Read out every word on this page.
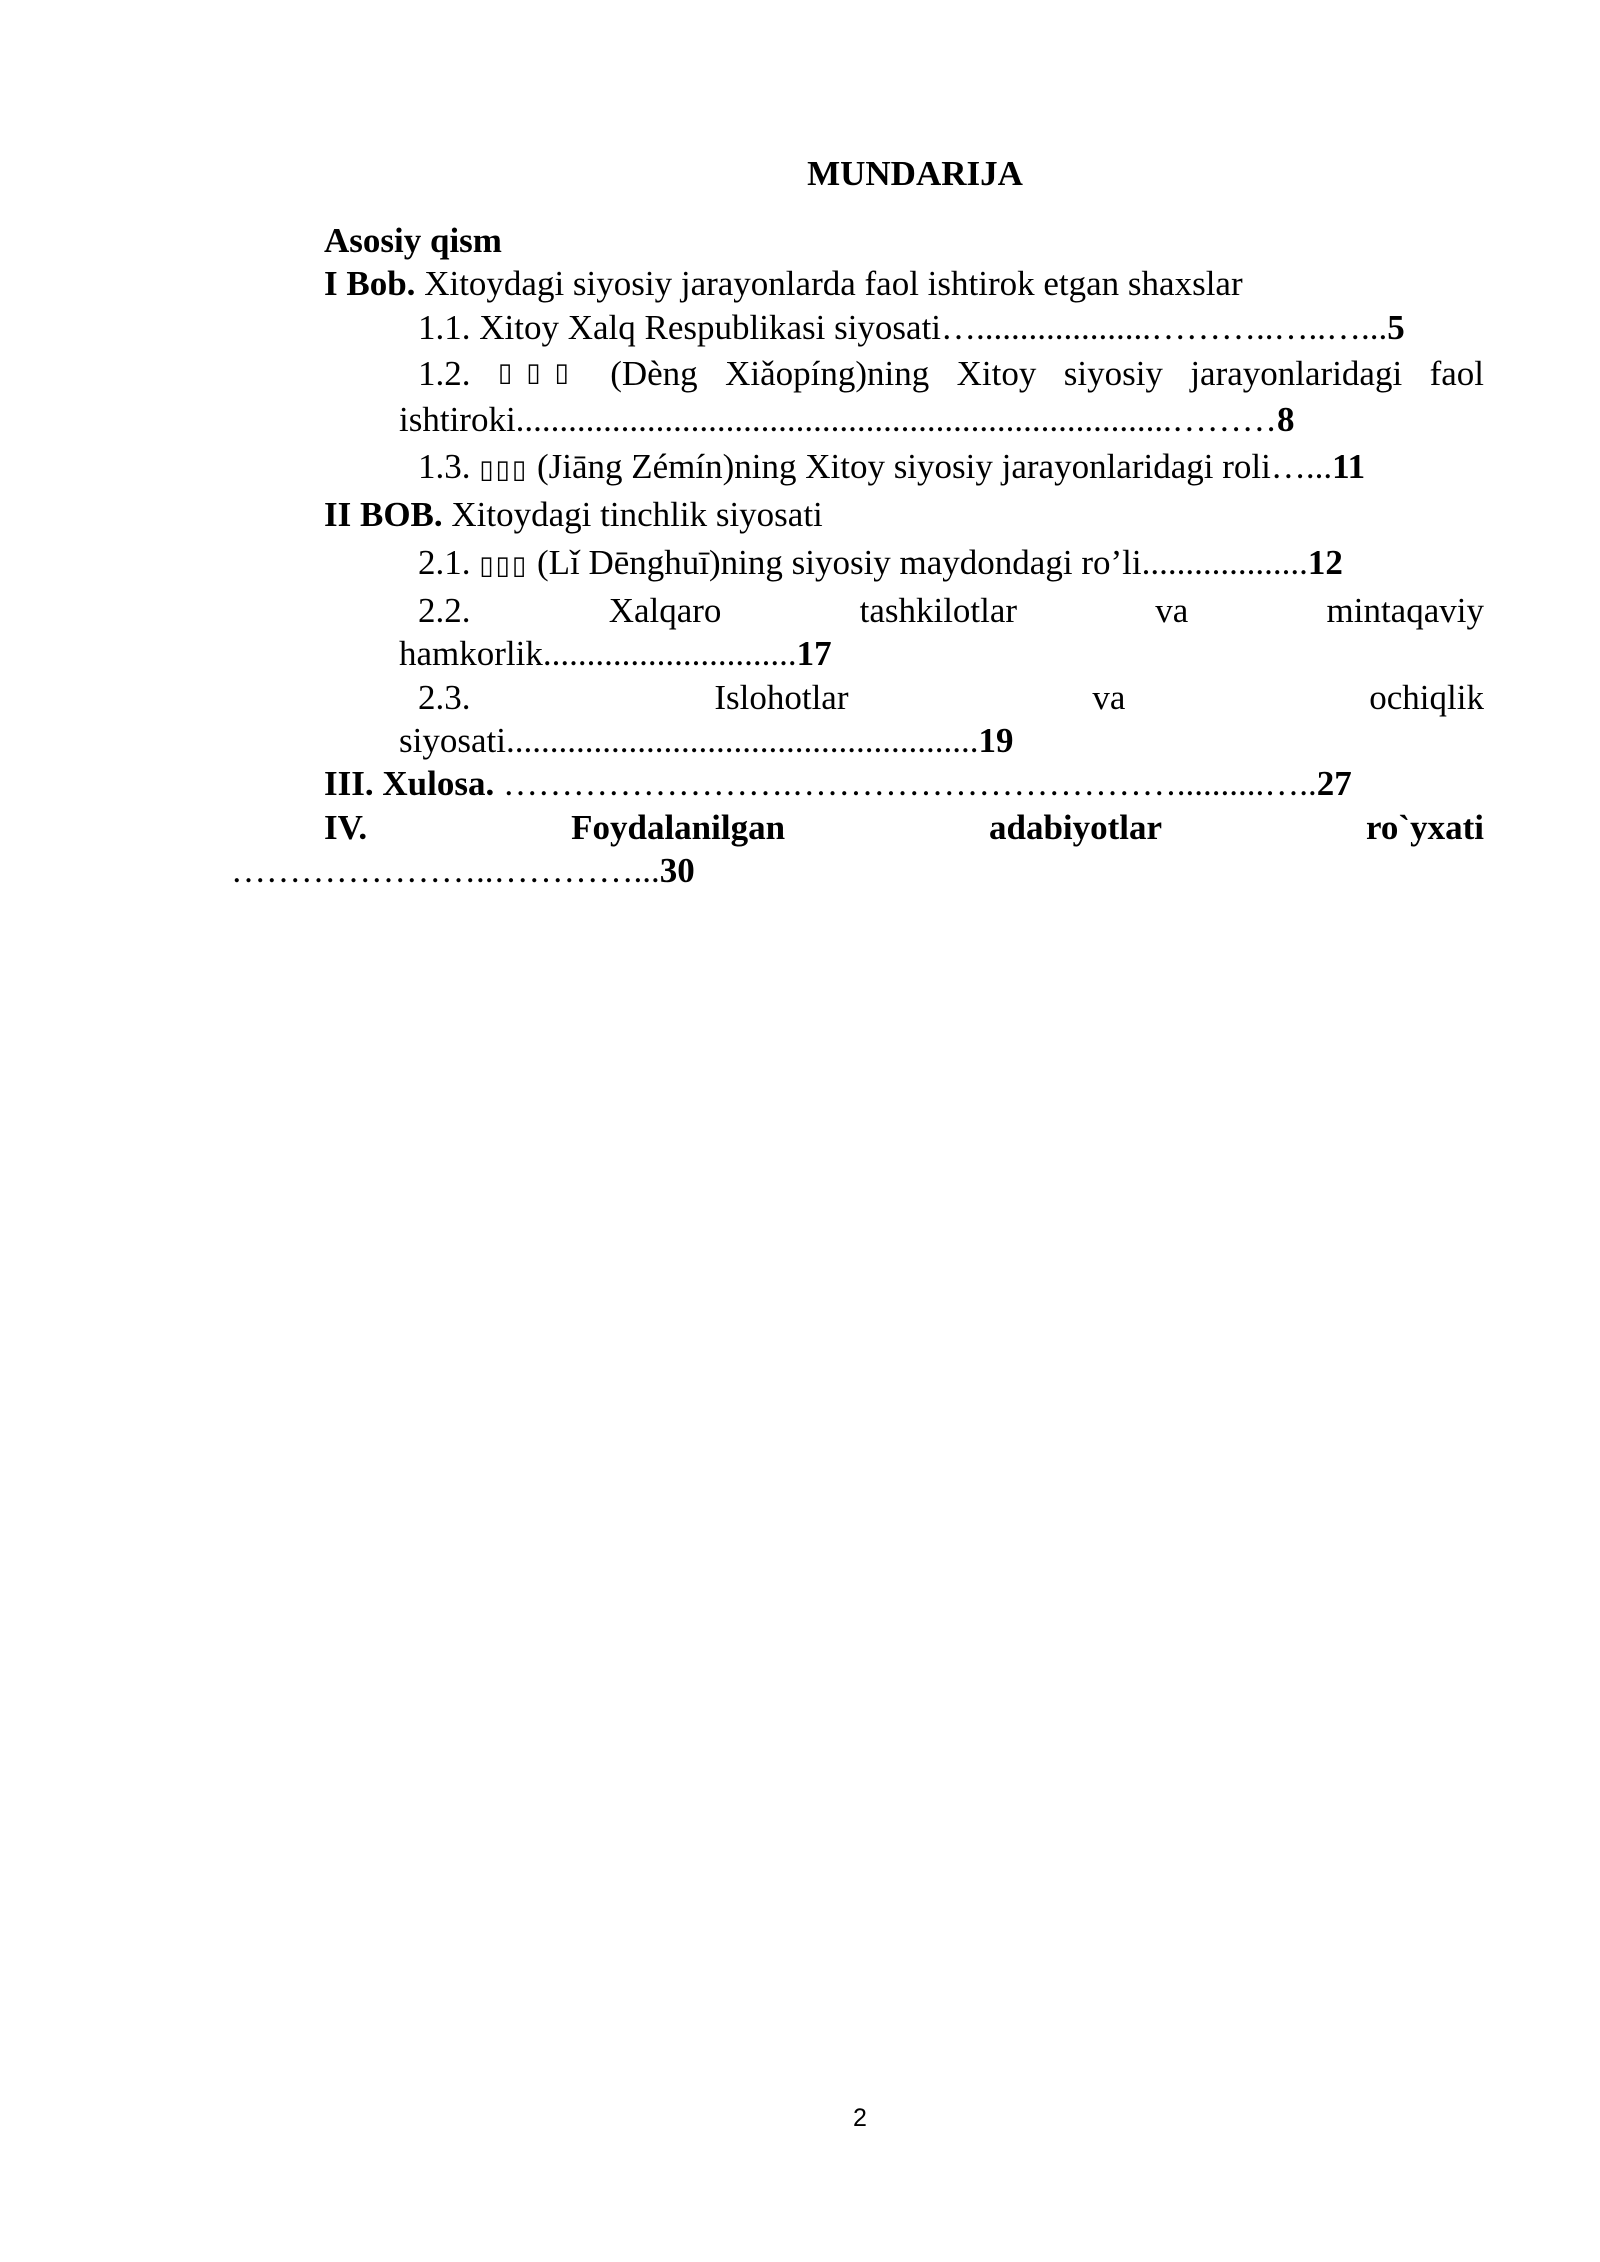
MUNDARIJA
Asosiy qism
I Bob. Xitoydagi siyosiy jarayonlarda faol ishtirok etgan shaxslar
1.1. Xitoy Xalq Respublikasi siyosati…....................………..…..…...5
1.2. ▯▯▯ (Dèng Xiǎopíng)ning Xitoy siyosiy jarayonlaridagi faol
ishtiroki...........................................................................………8
1.3. ▯▯▯ (Jiāng Zémín)ning Xitoy siyosiy jarayonlaridagi roli…...11
II BOB. Xitoydagi tinchlik siyosati
2.1. ▯▯▯ (Lǐ Dēnghuī)ning siyosiy maydondagi ro’li...................12
2.2.	Xalqaro	tashkilotlar	va	mintaqaviy
hamkorlik.............................17
2.3.	Islohotlar	va	ochiqlik
siyosati......................................................19
III. Xulosa. …………………….……………………………..........…..27
IV.	Foydalanilgan	adabiyotlar	ro`yxati
…………………..…………...30
2
